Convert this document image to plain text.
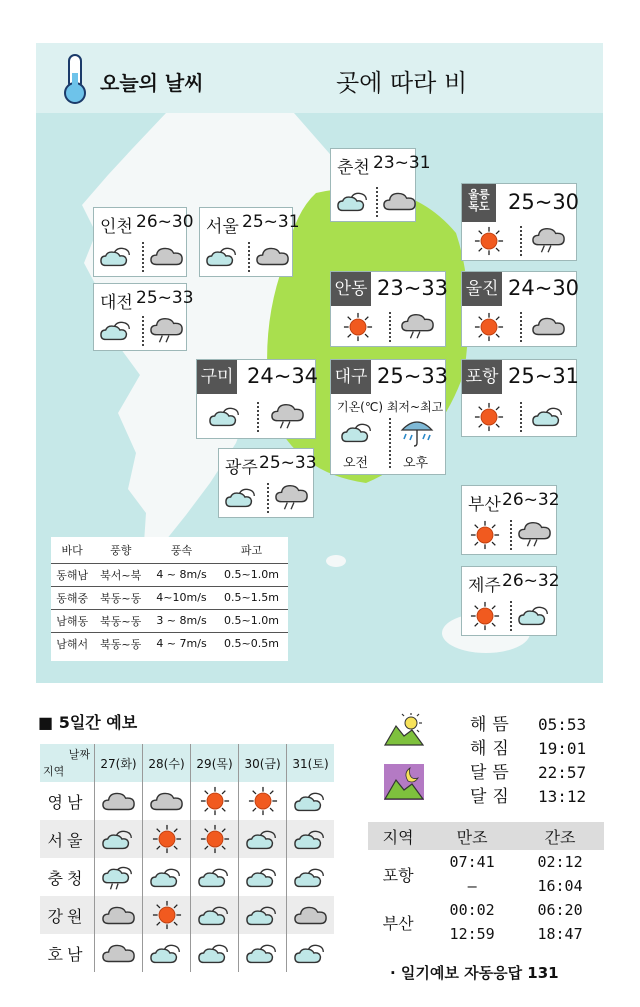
오늘의 날씨	곳에 따라 비
춘천 23~31
인천 26~30 서울 25~31
대전 25~33
울릉 독도 25~30
안동 23~33 울진 24~30
구미 24~34 대구 25~33
기온(℃) 최저~최고
오전	오후
포항 25~31
광주 25~33
부산 26~32
제주 26~32
바다	풍향	풍속	파고
동해남	북서~북	4 ~ 8m/s	0.5~1.0m
동해중	북동~동	4~10m/s	0.5~1.5m
남해동	북동~동	3 ~ 8m/s	0.5~1.0m
남해서	북동~동	4 ~ 7m/s	0.5~0.5m
■ 5일간 예보
날짜
지역	27(화)	28(수)	29(목)	30(금)	31(토)
영남					
서울					
충청					
강원					
호남					
해뜸 05:53
해짐 19:01
달뜸 22:57
달짐 13:12
지역	만조	간조
포항	07:41	02:12
	–	16:04
부산	00:02	06:20
	12:59	18:47
· 일기예보 자동응답 131
